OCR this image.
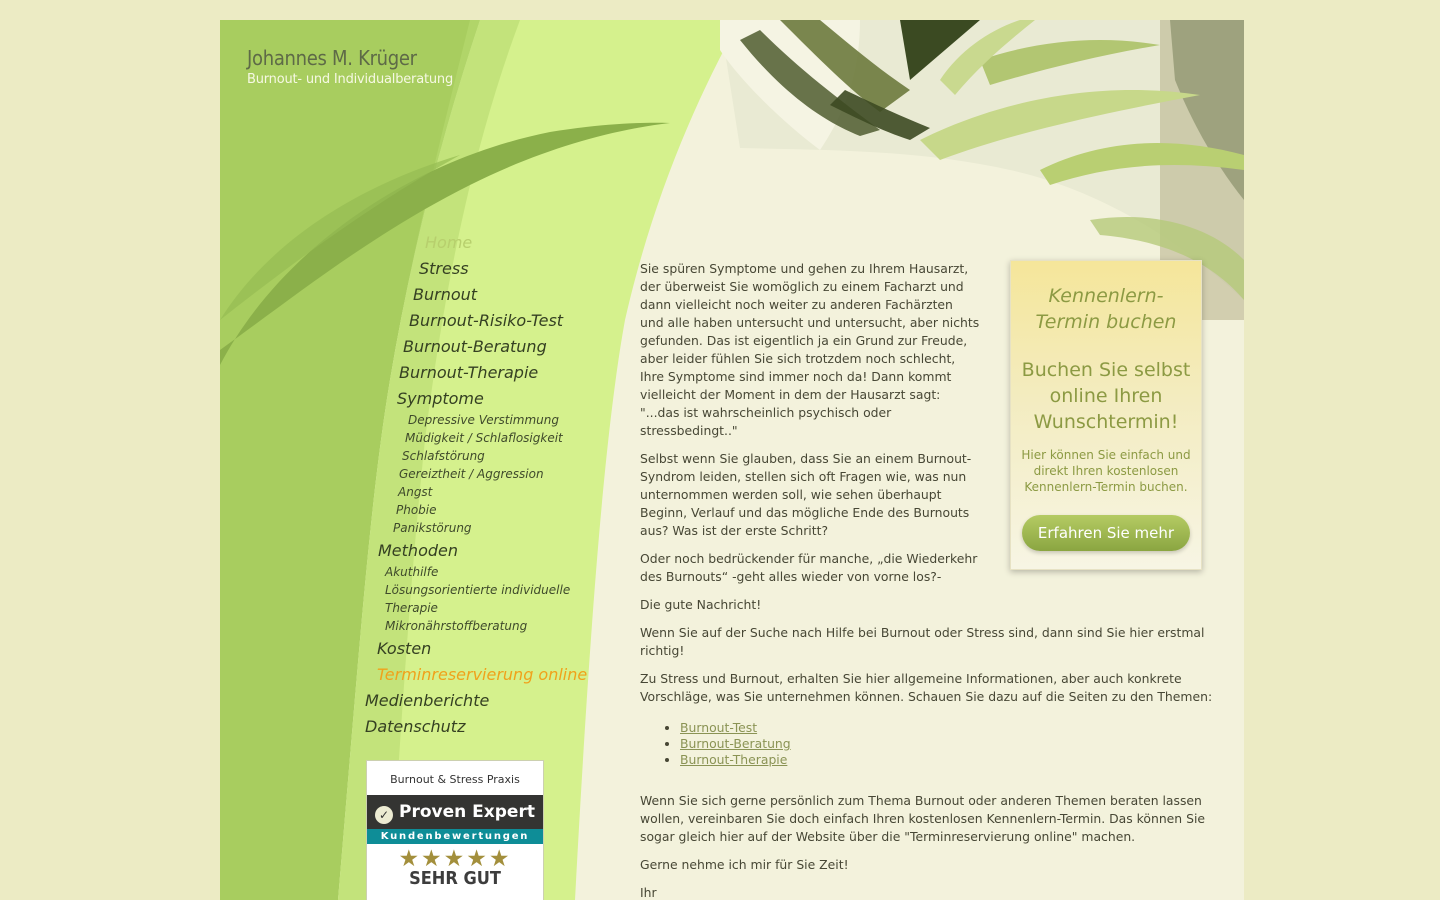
Johannes M. Krüger
Burnout- und Individualberatung
Home
Stress
Burnout
Burnout-Risiko-Test
Burnout-Beratung
Burnout-Therapie
Symptome
Depressive Verstimmung
Müdigkeit / Schlaflosigkeit
Schlafstörung
Gereiztheit / Aggression
Angst
Phobie
Panikstörung
Methoden
Akuthilfe
Lösungsorientierte individuelle
Therapie
Mikronährstoffberatung
Kosten
Terminreservierung online
Medienberichte
Datenschutz
Burnout & Stress Praxis
✓ Proven Expert
Kundenbewertungen
★★★★★
SEHR GUT

Sie spüren Symptome und gehen zu Ihrem Hausarzt, der überweist Sie womöglich zu einem Facharzt und dann vielleicht noch weiter zu anderen Fachärzten und alle haben untersucht und untersucht, aber nichts gefunden. Das ist eigentlich ja ein Grund zur Freude, aber leider fühlen Sie sich trotzdem noch schlecht, Ihre Symptome sind immer noch da! Dann kommt vielleicht der Moment in dem der Hausarzt sagt: "...das ist wahrscheinlich psychisch oder stressbedingt.."

Selbst wenn Sie glauben, dass Sie an einem Burnout-Syndrom leiden, stellen sich oft Fragen wie, was nun unternommen werden soll, wie sehen überhaupt Beginn, Verlauf und das mögliche Ende des Burnouts aus? Was ist der erste Schritt?

Oder noch bedrückender für manche, „die Wiederkehr des Burnouts“ -geht alles wieder von vorne los?-

Die gute Nachricht!

Wenn Sie auf der Suche nach Hilfe bei Burnout oder Stress sind, dann sind Sie hier erstmal richtig!

Zu Stress und Burnout, erhalten Sie hier allgemeine Informationen, aber auch konkrete Vorschläge, was Sie unternehmen können. Schauen Sie dazu auf die Seiten zu den Themen:

• Burnout-Test
• Burnout-Beratung
• Burnout-Therapie

Wenn Sie sich gerne persönlich zum Thema Burnout oder anderen Themen beraten lassen wollen, vereinbaren Sie doch einfach Ihren kostenlosen Kennenlern-Termin. Das können Sie sogar gleich hier auf der Website über die "Terminreservierung online" machen.

Gerne nehme ich mir für Sie Zeit!

Ihr

Kennenlern-Termin buchen
Buchen Sie selbst online Ihren Wunschtermin!
Hier können Sie einfach und direkt Ihren kostenlosen Kennenlern-Termin buchen.
Erfahren Sie mehr
